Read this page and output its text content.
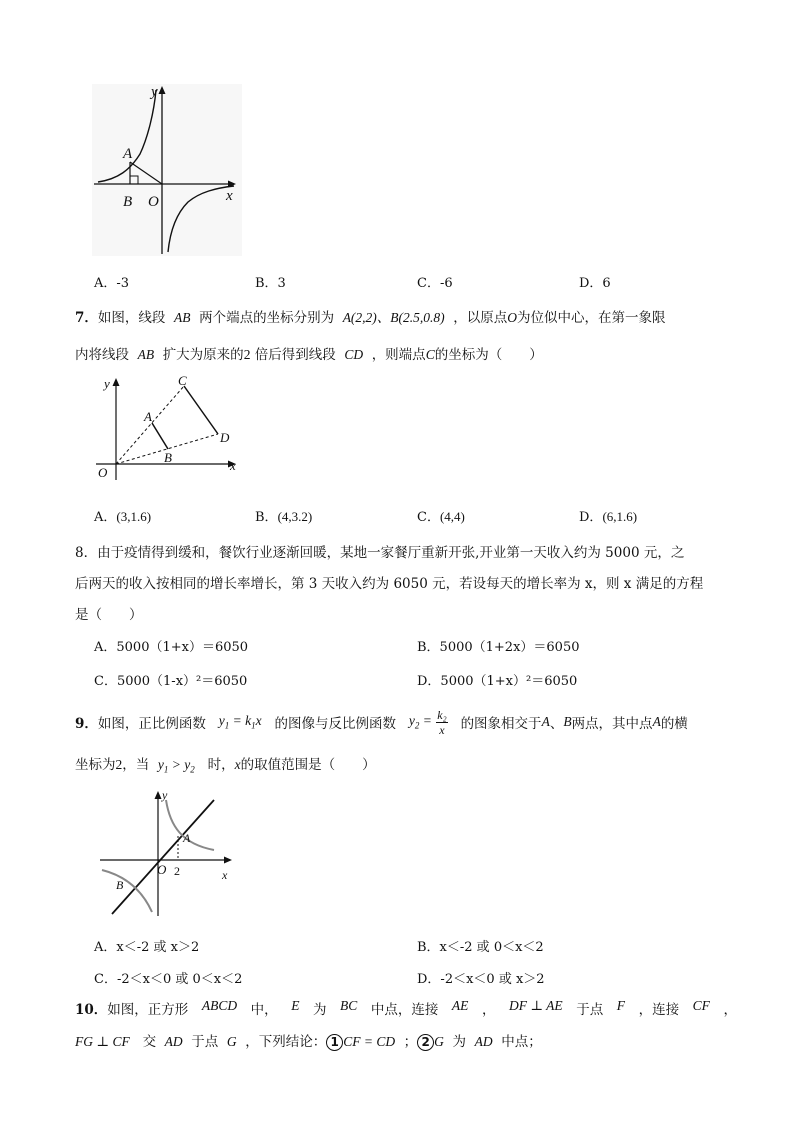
y
x
A
B O
A．-3	B．3	C．-6	D．6
7．如图，线段 AB 两个端点的坐标分别为 A(2,2)、B(2.5,0.8) ，以原点O为位似中心，在第一象限
内将线段 AB 扩大为原来的2 倍后得到线段 CD ，则端点C的坐标为（　　）
y
x
O
A
B
C
D
A．(3,1.6)	B．(4,3.2)	C．(4,4)	D．(6,1.6)
8．由于疫情得到缓和，餐饮行业逐渐回暖，某地一家餐厅重新开张,开业第一天收入约为 5000 元，之
后两天的收入按相同的增长率增长，第 3 天收入约为 6050 元，若设每天的增长率为 x，则 x 满足的方程
是（　　）
A．5000（1+x）＝6050	B．5000（1+2x）＝6050
C．5000（1-x）²＝6050	D．5000（1+x）²＝6050
9． 如图，正比例函数
$y_1 = k_1x$
的图像与反比例函数
$y_2$ =
$\frac{\text{k₂}}{x}$
的图象相交于 A 、 B 两点，其中点 A 的横
坐标为2，当 $y_1 > y_2$ 时，x的取值范围是（　　）
y
x
O 2
A
B
A．x＜-2 或 x＞2	B．x＜-2 或 0＜x＜2
C．-2＜x＜0 或 0＜x＜2	D．-2＜x＜0 或 x＞2
10．如图，正方形 ABCD 中， E 为 BC 中点，连接 AE ， DF ⊥ AE 于点 F ，连接 CF ，
FG ⊥ CF 交 AD 于点 G ，下列结论： 1 CF = CD ； 2 G 为 AD 中点；
